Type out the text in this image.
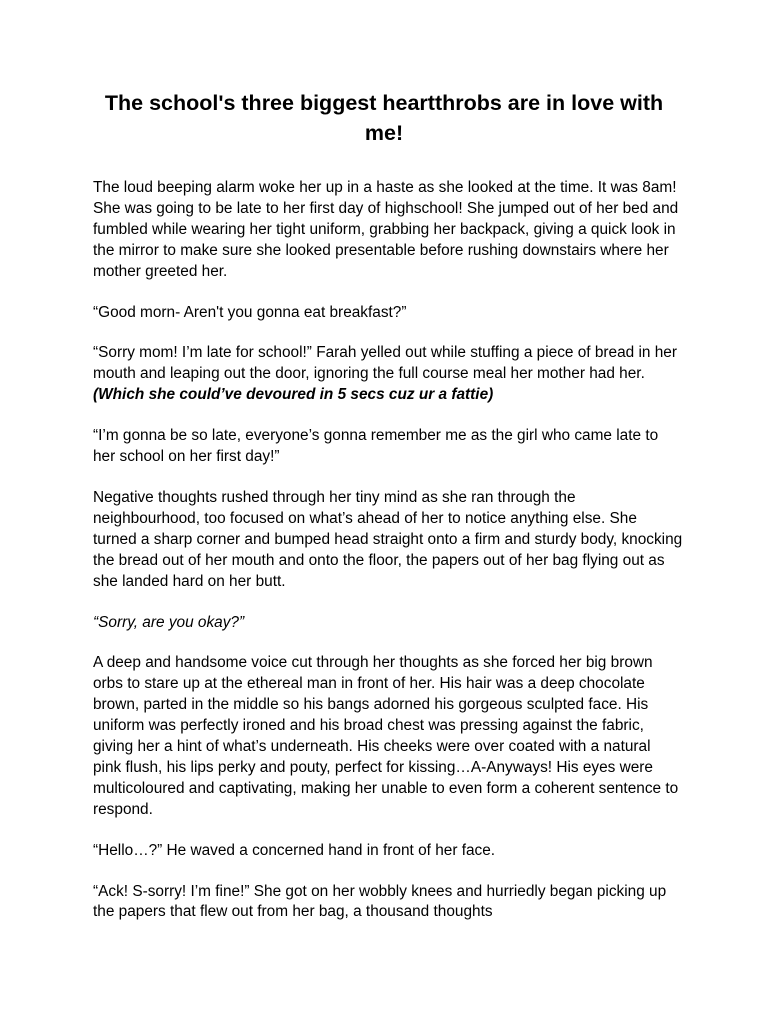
The school's three biggest heartthrobs are in love with me!

The loud beeping alarm woke her up in a haste as she looked at the time. It was 8am! She was going to be late to her first day of highschool! She jumped out of her bed and fumbled while wearing her tight uniform, grabbing her backpack, giving a quick look in the mirror to make sure she looked presentable before rushing downstairs where her mother greeted her.

“Good morn- Aren't you gonna eat breakfast?”

“Sorry mom! I’m late for school!” Farah yelled out while stuffing a piece of bread in her mouth and leaping out the door, ignoring the full course meal her mother had her. (Which she could’ve devoured in 5 secs cuz ur a fattie)

“I’m gonna be so late, everyone’s gonna remember me as the girl who came late to her school on her first day!”

Negative thoughts rushed through her tiny mind as she ran through the neighbourhood, too focused on what’s ahead of her to notice anything else. She turned a sharp corner and bumped head straight onto a firm and sturdy body, knocking the bread out of her mouth and onto the floor, the papers out of her bag flying out as she landed hard on her butt.

“Sorry, are you okay?”

A deep and handsome voice cut through her thoughts as she forced her big brown orbs to stare up at the ethereal man in front of her. His hair was a deep chocolate brown, parted in the middle so his bangs adorned his gorgeous sculpted face. His uniform was perfectly ironed and his broad chest was pressing against the fabric, giving her a hint of what’s underneath. His cheeks were over coated with a natural pink flush, his lips perky and pouty, perfect for kissing…A-Anyways! His eyes were multicoloured and captivating, making her unable to even form a coherent sentence to respond.

“Hello…?” He waved a concerned hand in front of her face.

“Ack! S-sorry! I’m fine!” She got on her wobbly knees and hurriedly began picking up the papers that flew out from her bag, a thousand thoughts
